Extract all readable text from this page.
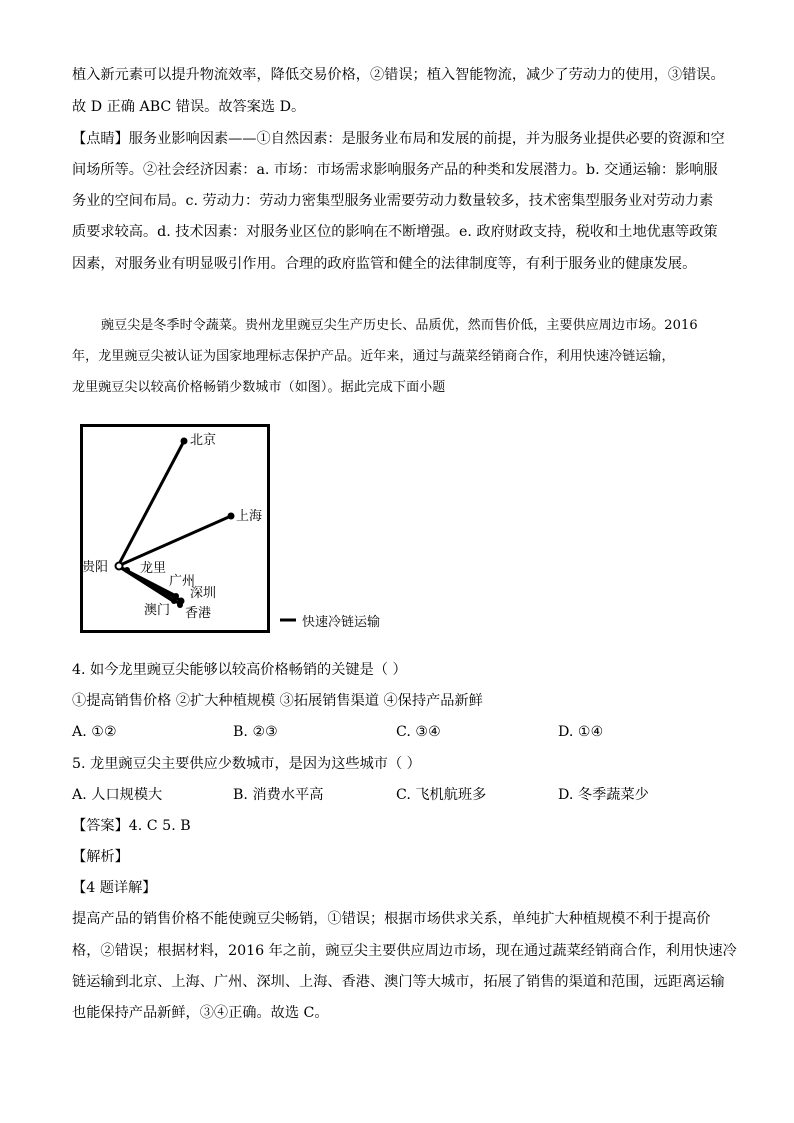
植入新元素可以提升物流效率，降低交易价格，②错误；植入智能物流，减少了劳动力的使用，③错误。
故 D 正确 ABC 错误。故答案选 D。
【点睛】服务业影响因素——①自然因素：是服务业布局和发展的前提，并为服务业提供必要的资源和空
间场所等。②社会经济因素：a. 市场：市场需求影响服务产品的种类和发展潜力。b. 交通运输：影响服
务业的空间布局。c. 劳动力：劳动力密集型服务业需要劳动力数量较多，技术密集型服务业对劳动力素
质要求较高。d. 技术因素：对服务业区位的影响在不断增强。e. 政府财政支持，税收和土地优惠等政策
因素，对服务业有明显吸引作用。合理的政府监管和健全的法律制度等，有利于服务业的健康发展。
豌豆尖是冬季时令蔬菜。贵州龙里豌豆尖生产历史长、品质优，然而售价低，主要供应周边市场。2016
年，龙里豌豆尖被认证为国家地理标志保护产品。近年来，通过与蔬菜经销商合作，利用快速冷链运输，
龙里豌豆尖以较高价格畅销少数城市（如图）。据此完成下面小题
北京
上海
贵阳 龙里
广州
深圳
澳门 香港
快速冷链运输
4. 如今龙里豌豆尖能够以较高价格畅销的关键是（ ）
①提高销售价格 ②扩大种植规模 ③拓展销售渠道 ④保持产品新鲜
A. ①②	B. ②③	C. ③④	D. ①④
5. 龙里豌豆尖主要供应少数城市，是因为这些城市（ ）
A. 人口规模大	B. 消费水平高	C. 飞机航班多	D. 冬季蔬菜少
【答案】4. C 5. B
【解析】
【4 题详解】
提高产品的销售价格不能使豌豆尖畅销，①错误；根据市场供求关系，单纯扩大种植规模不利于提高价
格，②错误；根据材料，2016 年之前，豌豆尖主要供应周边市场，现在通过蔬菜经销商合作，利用快速冷
链运输到北京、上海、广州、深圳、上海、香港、澳门等大城市，拓展了销售的渠道和范围，远距离运输
也能保持产品新鲜，③④正确。故选 C。
